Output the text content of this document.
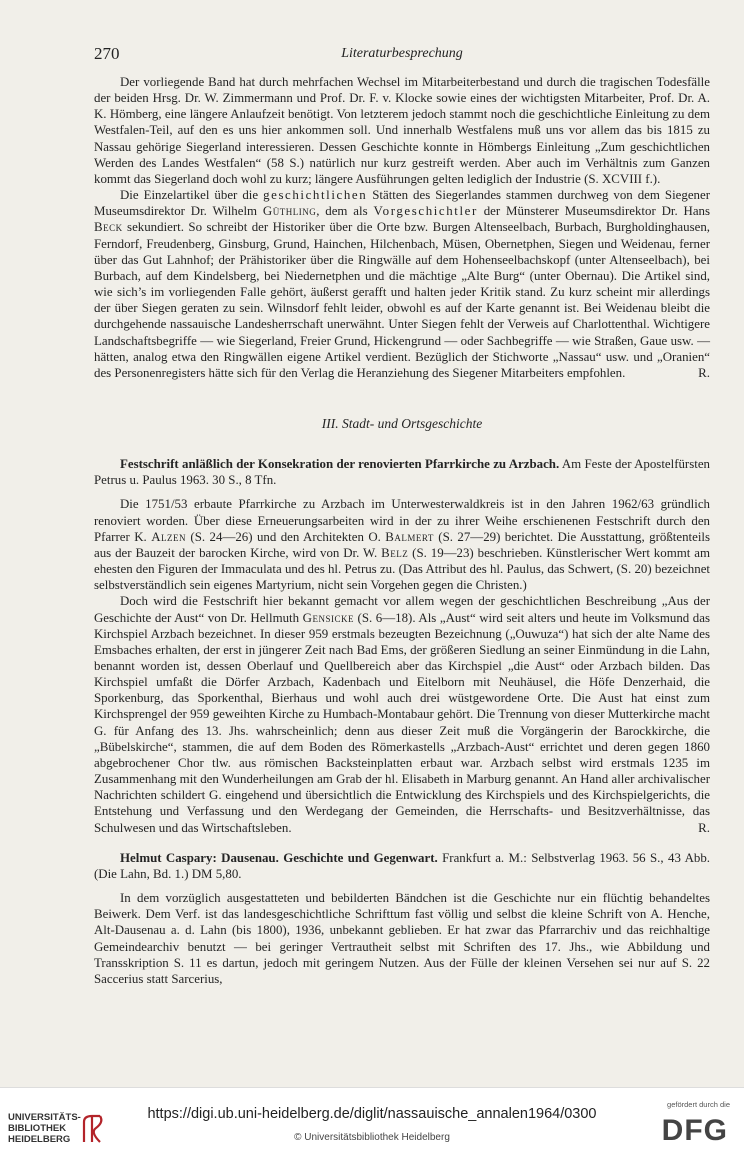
270	Literaturbesprechung

Der vorliegende Band hat durch mehrfachen Wechsel im Mitarbeiterbestand und durch die tragischen Todesfälle der beiden Hrsg. Dr. W. Zimmermann und Prof. Dr. F. v. Klocke sowie eines der wichtigsten Mitarbeiter, Prof. Dr. A. K. Hömberg, eine längere Anlaufzeit benötigt. Von letzterem jedoch stammt noch die geschichtliche Einleitung zu dem Westfalen-Teil, auf den es uns hier ankommen soll. Und innerhalb Westfalens muß uns vor allem das bis 1815 zu Nassau gehörige Siegerland interessieren. Dessen Geschichte konnte in Hömbergs Einleitung „Zum geschichtlichen Werden des Landes Westfalen“ (58 S.) natürlich nur kurz gestreift werden. Aber auch im Verhältnis zum Ganzen kommt das Siegerland doch wohl zu kurz; längere Ausführungen gelten lediglich der Industrie (S. XCVIII f.).

Die Einzelartikel über die geschichtlichen Stätten des Siegerlandes stammen durchweg von dem Siegener Museumsdirektor Dr. Wilhelm Güthling, dem als Vorgeschichtler der Münsterer Museumsdirektor Dr. Hans Beck sekundiert. So schreibt der Historiker über die Orte bzw. Burgen Altenseelbach, Burbach, Burgholdinghausen, Ferndorf, Freudenberg, Ginsburg, Grund, Hainchen, Hilchenbach, Müsen, Obernetphen, Siegen und Weidenau, ferner über das Gut Lahnhof; der Prähistoriker über die Ringwälle auf dem Hohenseelbachskopf (unter Altenseelbach), bei Burbach, auf dem Kindelsberg, bei Niedernetphen und die mächtige „Alte Burg“ (unter Obernau). Die Artikel sind, wie sich’s im vorliegenden Falle gehört, äußerst gerafft und halten jeder Kritik stand. Zu kurz scheint mir allerdings der über Siegen geraten zu sein. Wilnsdorf fehlt leider, obwohl es auf der Karte genannt ist. Bei Weidenau bleibt die durchgehende nassauische Landesherrschaft unerwähnt. Unter Siegen fehlt der Verweis auf Charlottenthal. Wichtigere Landschaftsbegriffe — wie Siegerland, Freier Grund, Hickengrund — oder Sachbegriffe — wie Straßen, Gaue usw. — hätten, analog etwa den Ringwällen eigene Artikel verdient. Bezüglich der Stichworte „Nassau“ usw. und „Oranien“ des Personenregisters hätte sich für den Verlag die Heranziehung des Siegener Mitarbeiters empfohlen.	R.

III. Stadt- und Ortsgeschichte

Festschrift anläßlich der Konsekration der renovierten Pfarrkirche zu Arzbach. Am Feste der Apostelfürsten Petrus u. Paulus 1963. 30 S., 8 Tfn.

Die 1751/53 erbaute Pfarrkirche zu Arzbach im Unterwesterwaldkreis ist in den Jahren 1962/63 gründlich renoviert worden. Über diese Erneuerungsarbeiten wird in der zu ihrer Weihe erschienenen Festschrift durch den Pfarrer K. Alzen (S. 24—26) und den Architekten O. Balmert (S. 27—29) berichtet. Die Ausstattung, größtenteils aus der Bauzeit der barocken Kirche, wird von Dr. W. Belz (S. 19—23) beschrieben. Künstlerischer Wert kommt am ehesten den Figuren der Immaculata und des hl. Petrus zu. (Das Attribut des hl. Paulus, das Schwert, (S. 20) bezeichnet selbstverständlich sein eigenes Martyrium, nicht sein Vorgehen gegen die Christen.)

Doch wird die Festschrift hier bekannt gemacht vor allem wegen der geschichtlichen Beschreibung „Aus der Geschichte der Aust“ von Dr. Hellmuth Gensicke (S. 6—18). Als „Aust“ wird seit alters und heute im Volksmund das Kirchspiel Arzbach bezeichnet. In dieser 959 erstmals bezeugten Bezeichnung („Ouwuza“) hat sich der alte Name des Emsbaches erhalten, der erst in jüngerer Zeit nach Bad Ems, der größeren Siedlung an seiner Einmündung in die Lahn, benannt worden ist, dessen Oberlauf und Quellbereich aber das Kirchspiel „die Aust“ oder Arzbach bilden. Das Kirchspiel umfaßt die Dörfer Arzbach, Kadenbach und Eitelborn mit Neuhäusel, die Höfe Denzerhaid, die Sporkenburg, das Sporkenthal, Bierhaus und wohl auch drei wüstgewordene Orte. Die Aust hat einst zum Kirchsprengel der 959 geweihten Kirche zu Humbach-Montabaur gehört. Die Trennung von dieser Mutterkirche macht G. für Anfang des 13. Jhs. wahrscheinlich; denn aus dieser Zeit muß die Vorgängerin der Barockkirche, die „Bübelskirche“, stammen, die auf dem Boden des Römerkastells „Arzbach-Aust“ errichtet und deren gegen 1860 abgebrochener Chor tlw. aus römischen Backsteinplatten erbaut war. Arzbach selbst wird erstmals 1235 im Zusammenhang mit den Wunderheilungen am Grab der hl. Elisabeth in Marburg genannt. An Hand aller archivalischer Nachrichten schildert G. eingehend und übersichtlich die Entwicklung des Kirchspiels und des Kirchspielgerichts, die Entstehung und Verfassung und den Werdegang der Gemeinden, die Herrschafts- und Besitzverhältnisse, das Schulwesen und das Wirtschaftsleben.	R.

Helmut Caspary: Dausenau. Geschichte und Gegenwart. Frankfurt a. M.: Selbstverlag 1963. 56 S., 43 Abb. (Die Lahn, Bd. 1.) DM 5,80.

In dem vorzüglich ausgestatteten und bebilderten Bändchen ist die Geschichte nur ein flüchtig behandeltes Beiwerk. Dem Verf. ist das landesgeschichtliche Schrifttum fast völlig und selbst die kleine Schrift von A. Henche, Alt-Dausenau a. d. Lahn (bis 1800), 1936, unbekannt geblieben. Er hat zwar das Pfarrarchiv und das reichhaltige Gemeindearchiv benutzt — bei geringer Vertrautheit selbst mit Schriften des 17. Jhs., wie Abbildung und Transskription S. 11 es dartun, jedoch mit geringem Nutzen. Aus der Fülle der kleinen Versehen sei nur auf S. 22 Saccerius statt Sarcerius,

UNIVERSITÄTS-
BIBLIOTHEK
HEIDELBERG
https://digi.ub.uni-heidelberg.de/diglit/nassauische_annalen1964/0300
© Universitätsbibliothek Heidelberg
gefördert durch die
DFG
